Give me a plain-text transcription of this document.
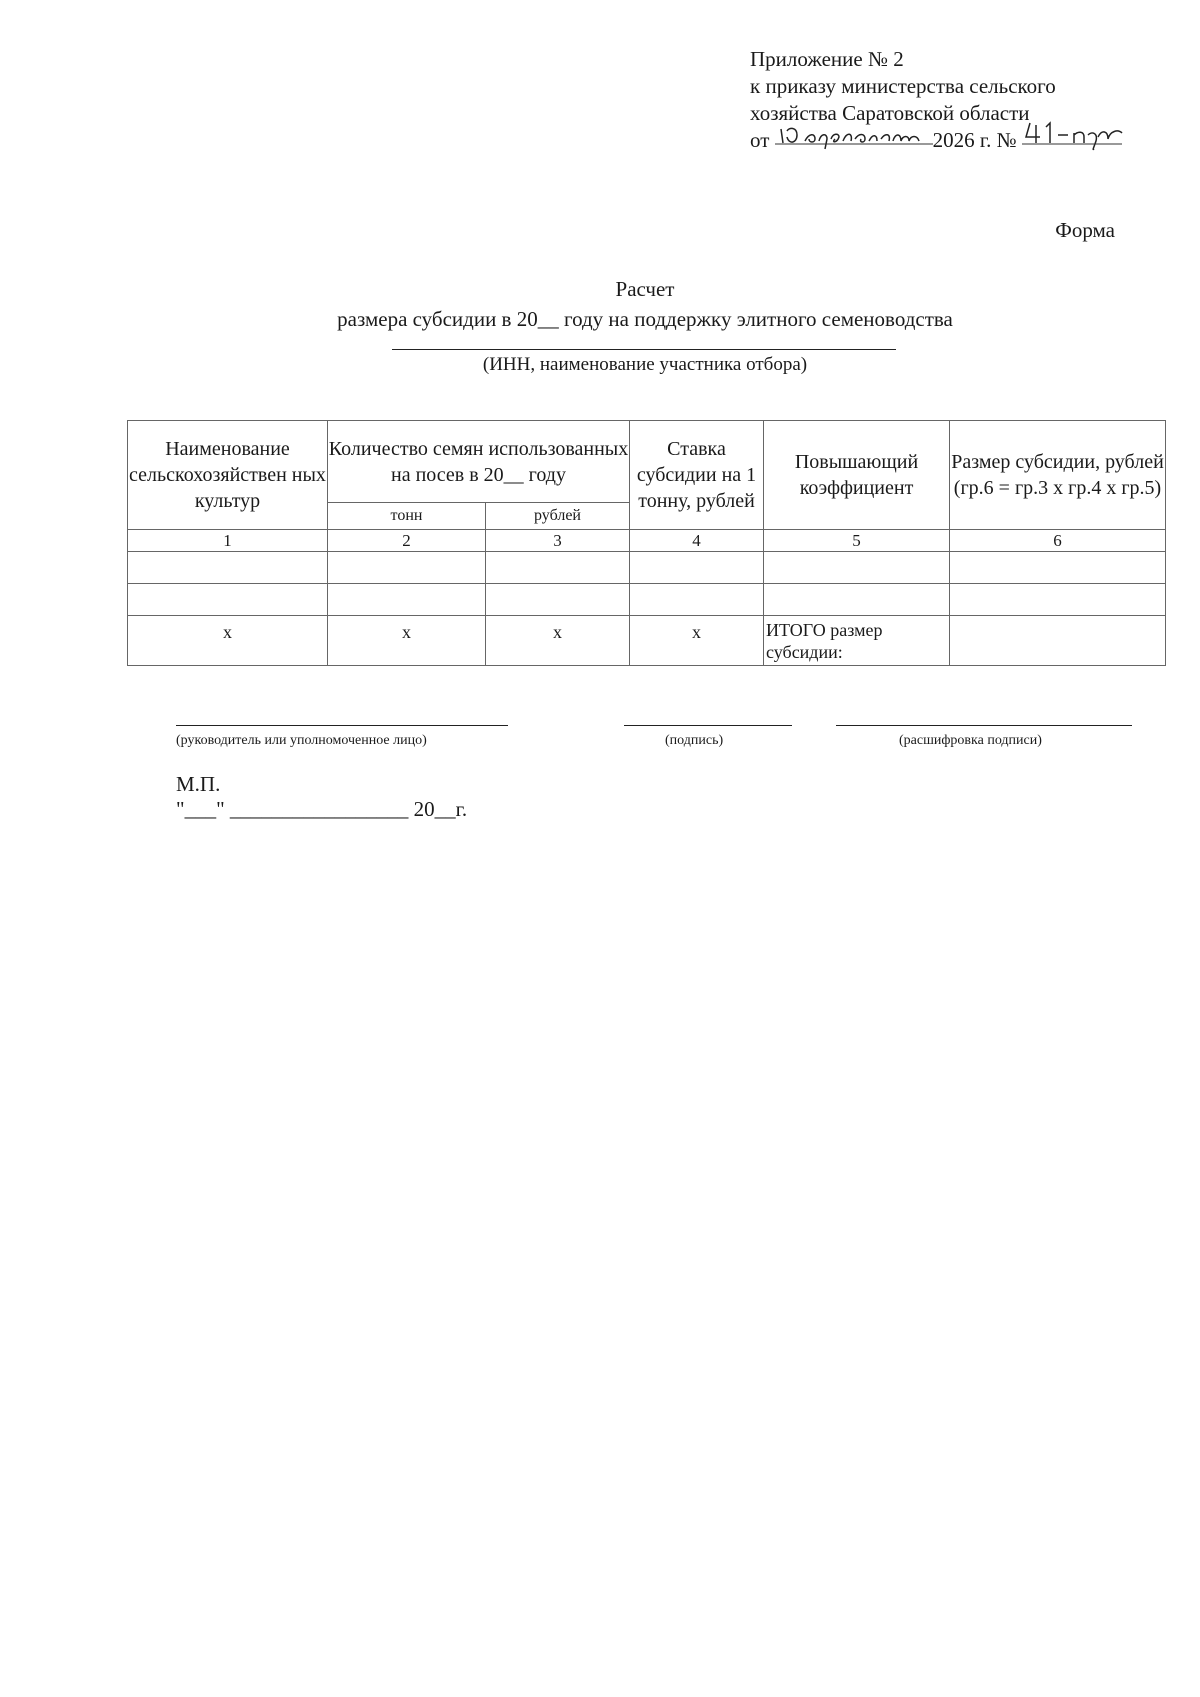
Приложение № 2
к приказу министерства сельского
хозяйства Саратовской области
от	2026 г. №
Форма
Расчет
размера субсидии в 20__ году на поддержку элитного семеноводства
(ИНН, наименование участника отбора)
Наименование сельскохозяйствен ных культур	Количество семян использованных на посев в 20__ году		Ставка субсидии на 1 тонну, рублей	Повышающий коэффициент	Размер субсидии, рублей (гр.6 = гр.3 х гр.4 х гр.5)
	тонн	рублей			
1	2	3	4	5	6

х	х	х	х	ИТОГО размер субсидии:	
(руководитель или уполномоченное лицо)	(подпись)	(расшифровка подписи)
М.П.
"___" _________________ 20__г.
